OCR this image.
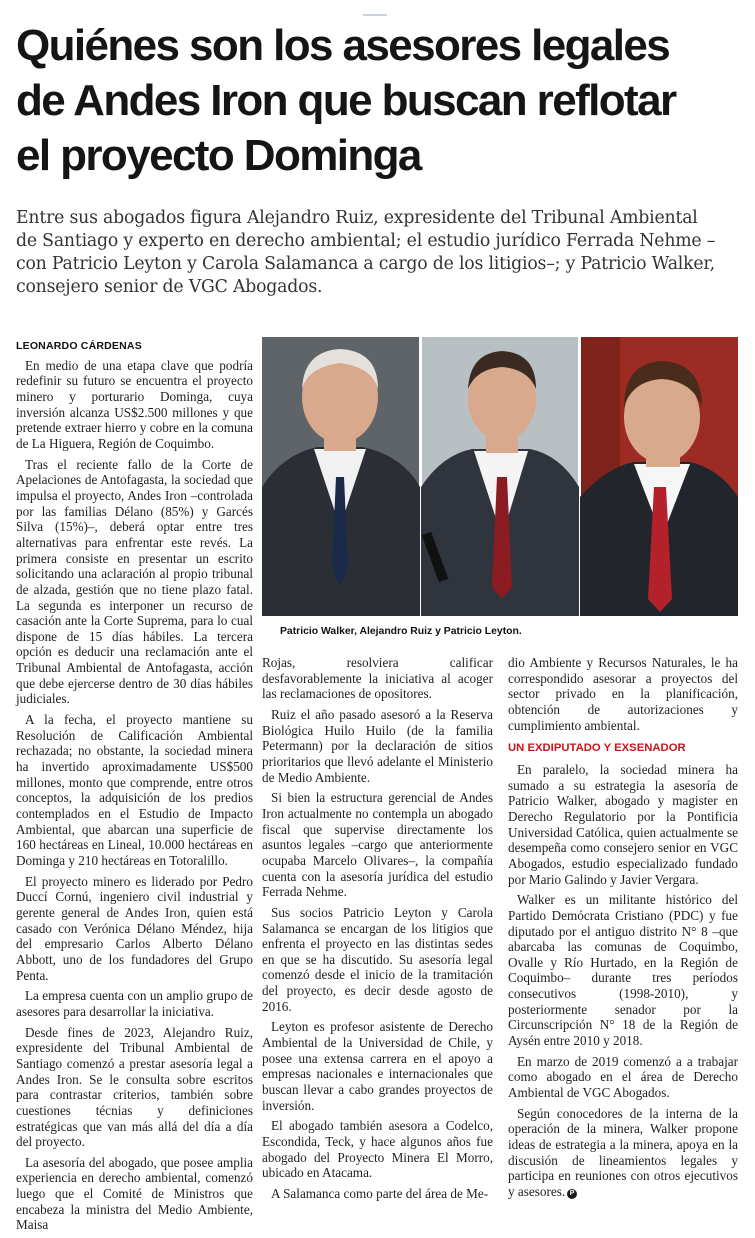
Quiénes son los asesores legales
de Andes Iron que buscan reflotar
el proyecto Dominga
Entre sus abogados figura Alejandro Ruiz, expresidente del Tribunal Ambiental
de Santiago y experto en derecho ambiental; el estudio jurídico Ferrada Nehme –
con Patricio Leyton y Carola Salamanca a cargo de los litigios–; y Patricio Walker,
consejero senior de VGC Abogados.
LEONARDO CÁRDENAS

En medio de una etapa clave que podría redefinir su futuro se encuentra el proyecto minero y porturario Dominga, cuya inversión alcanza US$2.500 millones y que pretende extraer hierro y cobre en la comuna de La Higuera, Región de Coquimbo.

Tras el reciente fallo de la Corte de Apelaciones de Antofagasta, la sociedad que impulsa el proyecto, Andes Iron –controlada por las familias Délano (85%) y Garcés Silva (15%)–, deberá optar entre tres alternativas para enfrentar este revés. La primera consiste en presentar un escrito solicitando una aclaración al propio tribunal de alzada, gestión que no tiene plazo fatal. La segunda es interponer un recurso de casación ante la Corte Suprema, para lo cual dispone de 15 días hábiles. La tercera opción es deducir una reclamación ante el Tribunal Ambiental de Antofagasta, acción que debe ejercerse dentro de 30 días hábiles judiciales.

A la fecha, el proyecto mantiene su Resolución de Calificación Ambiental rechazada; no obstante, la sociedad minera ha invertido aproximadamente US$500 millones, monto que comprende, entre otros conceptos, la adquisición de los predios contemplados en el Estudio de Impacto Ambiental, que abarcan una superficie de 160 hectáreas en Lineal, 10.000 hectáreas en Dominga y 210 hectáreas en Totoralillo.

El proyecto minero es liderado por Pedro Duccí Cornú, ingeniero civil industrial y gerente general de Andes Iron, quien está casado con Verónica Délano Méndez, hija del empresario Carlos Alberto Délano Abbott, uno de los fundadores del Grupo Penta.

La empresa cuenta con un amplio grupo de asesores para desarrollar la iniciativa.

Desde fines de 2023, Alejandro Ruiz, expresidente del Tribunal Ambiental de Santiago comenzó a prestar asesoría legal a Andes Iron. Se le consulta sobre escritos para contrastar criterios, también sobre cuestiones técnias y definiciones estratégicas que van más allá del día a día del proyecto.

La asesoría del abogado, que posee amplia experiencia en derecho ambiental, comenzó luego que el Comité de Ministros que encabeza la ministra del Medio Ambiente, Maisa

Patricio Walker, Alejandro Ruiz y Patricio Leyton.

Rojas, resolviera calificar desfavorablemente la iniciativa al acoger las reclamaciones de opositores.

Ruiz el año pasado asesoró a la Reserva Biológica Huilo Huilo (de la familia Petermann) por la declaración de sitios prioritarios que llevó adelante el Ministerio de Medio Ambiente.

Si bien la estructura gerencial de Andes Iron actualmente no contempla un abogado fiscal que supervise directamente los asuntos legales –cargo que anteriormente ocupaba Marcelo Olivares–, la compañía cuenta con la asesoría jurídica del estudio Ferrada Nehme.

Sus socios Patricio Leyton y Carola Salamanca se encargan de los litigios que enfrenta el proyecto en las distintas sedes en que se ha discutido. Su asesoría legal comenzó desde el inicio de la tramitación del proyecto, es decir desde agosto de 2016.

Leyton es profesor asistente de Derecho Ambiental de la Universidad de Chile, y posee una extensa carrera en el apoyo a empresas nacionales e internacionales que buscan llevar a cabo grandes proyectos de inversión.

El abogado también asesora a Codelco, Escondida, Teck, y hace algunos años fue abogado del Proyecto Minera El Morro, ubicado en Atacama.

A Salamanca como parte del área de Me-

dio Ambiente y Recursos Naturales, le ha correspondido asesorar a proyectos del sector privado en la planificación, obtención de autorizaciones y cumplimiento ambiental.

UN EXDIPUTADO Y EXSENADOR

En paralelo, la sociedad minera ha sumado a su estrategia la asesoría de Patricio Walker, abogado y magister en Derecho Regulatorio por la Pontificia Universidad Católica, quien actualmente se desempeña como consejero senior en VGC Abogados, estudio especializado fundado por Mario Galindo y Javier Vergara.

Walker es un militante histórico del Partido Demócrata Cristiano (PDC) y fue diputado por el antiguo distrito N° 8 –que abarcaba las comunas de Coquimbo, Ovalle y Río Hurtado, en la Región de Coquimbo– durante tres períodos consecutivos (1998-2010), y posteriormente senador por la Circunscripción N° 18 de la Región de Aysén entre 2010 y 2018.

En marzo de 2019 comenzó a a trabajar como abogado en el área de Derecho Ambiental de VGC Abogados.

Según conocedores de la interna de la operación de la minera, Walker propone ideas de estrategia a la minera, apoya en la discusión de lineamientos legales y participa en reuniones con otros ejecutivos y asesores. P
